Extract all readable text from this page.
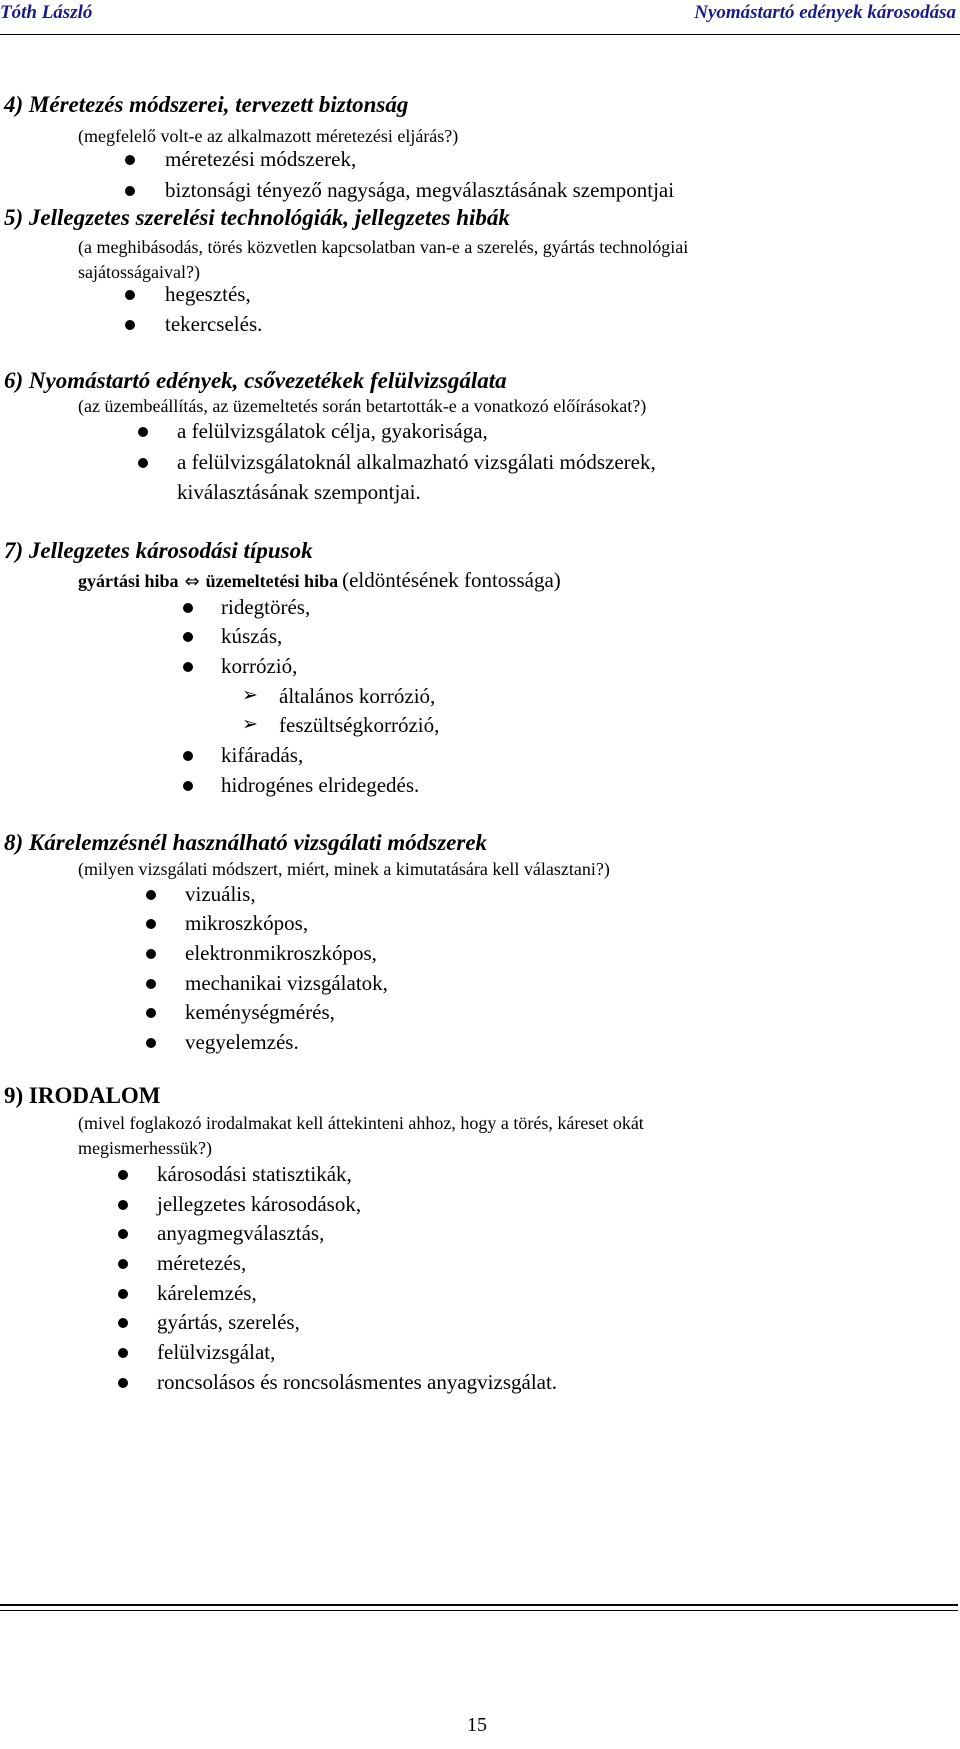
Tóth László	Nyomástartó edények károsodása
4) Méretezés módszerei, tervezett biztonság
(megfelelő volt-e az alkalmazott méretezési eljárás?)
méretezési módszerek,
biztonsági tényező nagysága, megválasztásának szempontjai
5) Jellegzetes szerelési technológiák, jellegzetes hibák
(a meghibásodás, törés közvetlen kapcsolatban van-e a szerelés, gyártás technológiai
sajátosságaival?)
hegesztés,
tekercselés.
6) Nyomástartó edények, csővezetékek felülvizsgálata
(az üzembeállítás, az üzemeltetés során betartották-e a vonatkozó előírásokat?)
a felülvizsgálatok célja, gyakorisága,
a felülvizsgálatoknál alkalmazható vizsgálati módszerek,
kiválasztásának szempontjai.
7) Jellegzetes károsodási típusok
gyártási hiba ⇔ üzemeltetési hiba (eldöntésének fontossága)
ridegtörés,
kúszás,
korrózió,
➢ általános korrózió,
➢ feszültségkorrózió,
kifáradás,
hidrogénes elridegedés.
8) Kárelemzésnél használható vizsgálati módszerek
(milyen vizsgálati módszert, miért, minek a kimutatására kell választani?)
vizuális,
mikroszkópos,
elektronmikroszkópos,
mechanikai vizsgálatok,
keménységmérés,
vegyelemzés.
9) IRODALOM
(mivel foglakozó irodalmakat kell áttekinteni ahhoz, hogy a törés, káreset okát
megismerhessük?)
károsodási statisztikák,
jellegzetes károsodások,
anyagmegválasztás,
méretezés,
kárelemzés,
gyártás, szerelés,
felülvizsgálat,
roncsolásos és roncsolásmentes anyagvizsgálat.
15
